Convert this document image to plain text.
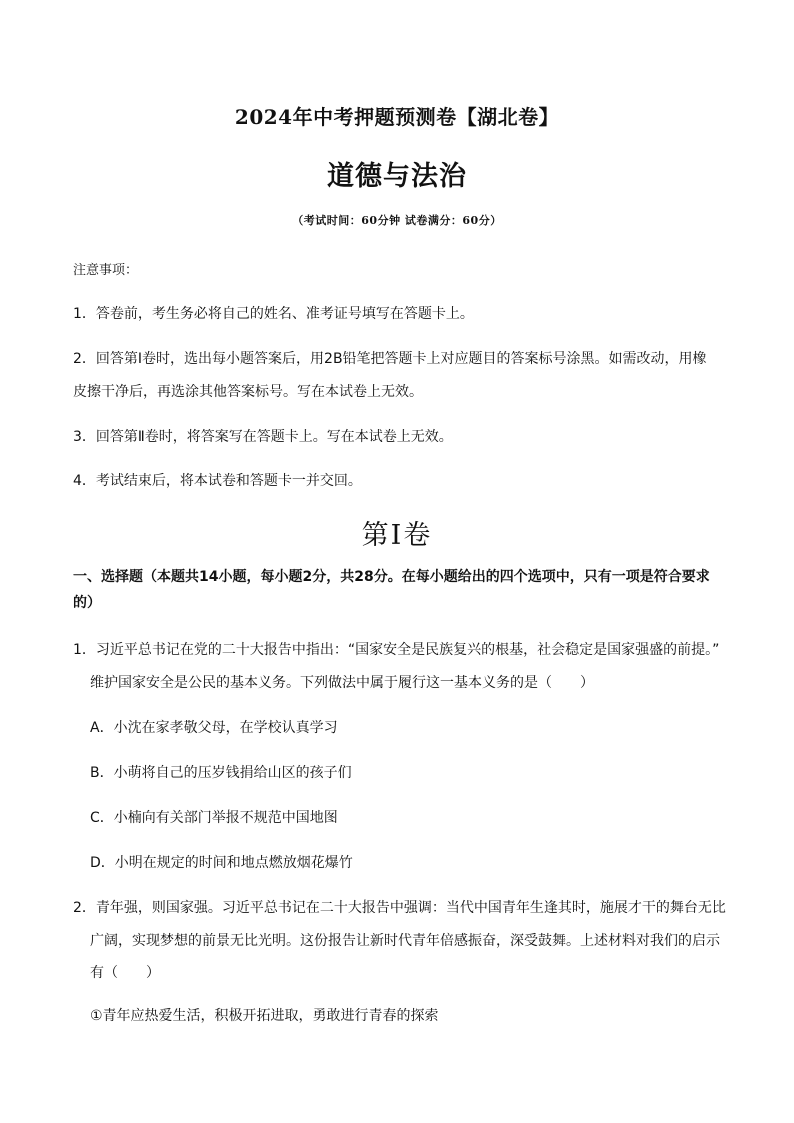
2024年中考押题预测卷【湖北卷】
道德与法治
（考试时间：60分钟 试卷满分：60分）
注意事项：
1．答卷前，考生务必将自己的姓名、准考证号填写在答题卡上。
2．回答第Ⅰ卷时，选出每小题答案后，用2B铅笔把答题卡上对应题目的答案标号涂黑。如需改动，用橡
皮擦干净后，再选涂其他答案标号。写在本试卷上无效。
3．回答第Ⅱ卷时，将答案写在答题卡上。写在本试卷上无效。
4．考试结束后，将本试卷和答题卡一并交回。
第Ⅰ卷
一、选择题（本题共14小题，每小题2分，共28分。在每小题给出的四个选项中，只有一项是符合要求
的）
1．习近平总书记在党的二十大报告中指出：“国家安全是民族复兴的根基，社会稳定是国家强盛的前提。”
维护国家安全是公民的基本义务。下列做法中属于履行这一基本义务的是（　　）
A．小沈在家孝敬父母，在学校认真学习
B．小萌将自己的压岁钱捐给山区的孩子们
C．小楠向有关部门举报不规范中国地图
D．小明在规定的时间和地点燃放烟花爆竹
2．青年强，则国家强。习近平总书记在二十大报告中强调：当代中国青年生逢其时，施展才干的舞台无比
广阔，实现梦想的前景无比光明。这份报告让新时代青年倍感振奋，深受鼓舞。上述材料对我们的启示
有（　　）
①青年应热爱生活，积极开拓进取，勇敢进行青春的探索
